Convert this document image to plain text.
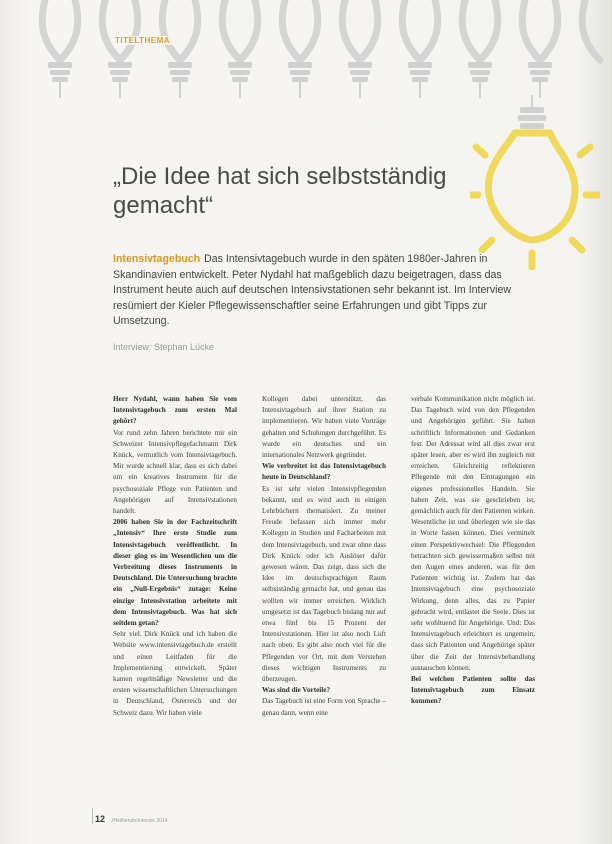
TITELTHEMA
„Die Idee hat sich selbstständig gemacht“
Intensivtagebuch Das Intensivtagebuch wurde in den späten 1980er-Jahren in Skandinavien entwickelt. Peter Nydahl hat maßgeblich dazu beigetragen, dass das Instrument heute auch auf deutschen Intensivstationen sehr bekannt ist. Im Interview resümiert der Kieler Pflegewissenschaftler seine Erfahrungen und gibt Tipps zur Umsetzung.
Interview: Stephan Lücke

Herr Nydahl, wann haben Sie vom Intensivtagebuch zum ersten Mal gehört?

Vor rund zehn Jahren berichtete mir ein Schweizer Intensivpflegefachmann Dirk Knück, vermutlich vom Intensivtagebuch. Mir wurde schnell klar, dass es sich dabei um ein kreatives Instrument für die psychosoziale Pflege von Patienten und Angehörigen auf Intensivstationen handelt.

2006 haben Sie in der Fachzeitschrift „Intensiv“ Ihre erste Studie zum Intensivtagebuch veröffentlicht. In dieser ging es im Wesentlichen um die Verbreitung dieses Instruments in Deutschland. Die Untersuchung brachte ein „Null-Ergebnis“ zutage: Keine einzige Intensivstation arbeitete mit dem Intensivtagebuch. Was hat sich seitdem getan?

Sehr viel. Dirk Knück und ich haben die Website www.intensivtagebuch.de erstellt und einen Leitfaden für die Implementierung entwickelt. Später kamen regelmäßige Newsletter und die ersten wissenschaftlichen Untersuchungen in Deutschland, Österreich und der Schweiz dazu. Wir haben viele

Kollegen dabei unterstützt, das Intensivtagebuch auf ihrer Station zu implementieren. Wir haben viele Vorträge gehalten und Schulungen durchgeführt. Es wurde ein deutsches und ein internationales Netzwerk gegründet.

Wie verbreitet ist das Intensivtagebuch heute in Deutschland?

Es ist sehr vielen Intensivpflegenden bekannt, und es wird auch in einigen Lehrbüchern thematisiert. Zu meiner Freude befassen sich immer mehr Kollegen in Studien und Facharbeiten mit dem Intensivtagebuch, und zwar ohne dass Dirk Knück oder ich Auslöser dafür gewesen wären. Das zeigt, dass sich die Idee im deutschsprachigen Raum selbstständig gemacht hat, und genau das wollten wir immer erreichen. Wirklich umgesetzt ist das Tagebuch bislang nur auf etwa fünf bis 15 Prozent der Intensivstationen. Hier ist also noch Luft nach oben. Es gibt also noch viel für die Pflegenden vor Ort, mit dem Verstehen dieses wichtigen Instruments zu überzeugen.

Was sind die Vorteile?

Das Tagebuch ist eine Form von Sprache – genau dann, wenn eine

verbale Kommunikation nicht möglich ist. Das Tagebuch wird von den Pflegenden und Angehörigen geführt. Sie halten schriftlich Informationen und Gedanken fest. Der Adressat wird all dies zwar erst später lesen, aber es wird ihn zugleich mit erreichen. Gleichzeitig reflektieren Pflegende mit den Eintragungen ein eigenes professionelles Handeln. Sie haben Zeit, was sie geschrieben ist, gemächlich auch für den Patienten wirken. Wesentliche ist und überlegen wie sie das in Worte fassen können. Dies vermittelt einen Perspektivwechsel: Die Pflegenden betrachten sich gewissermaßen selbst mit den Augen eines anderen, was für den Patienten wichtig ist. Zudem hat das Intensivtagebuch eine psychosoziale Wirkung, denn alles, das zu Papier gebracht wird, entlastet die Seele. Dies ist sehr wohltuend für Angehörige. Und: Das Intensivtagebuch erleichtert es ungemein, dass sich Patienten und Angehörige später über die Zeit der Intensivbehandlung austauschen können.

Bei welchen Patienten sollte das Intensivtagebuch zum Einsatz kommen?

12 JHeilberufe/Intensiv 2014
